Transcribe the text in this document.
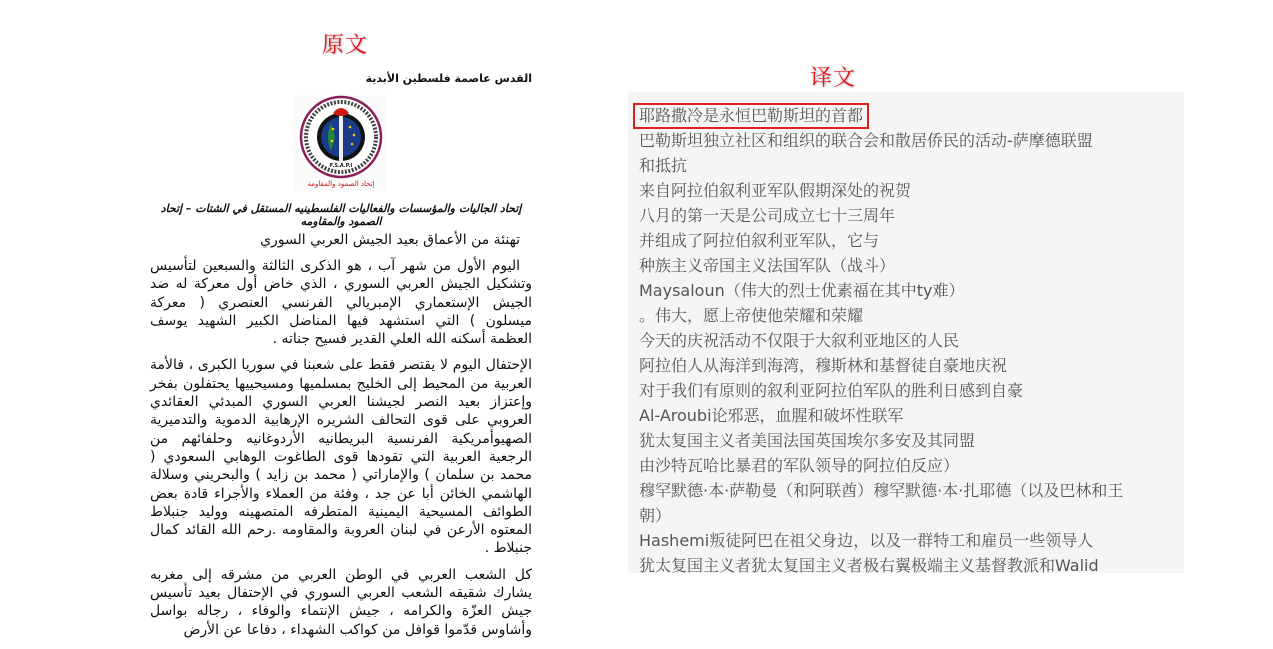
原文
译文

القدس عاصمة فلسطين الأبدية

F.S.A.P.I
إتحاد الصمود والمقاومة
إتحاد الجاليات والمؤسسات والفعاليات الفلسطينيه المستقل في الشتات – إتحاد الصمود والمقاومه
تهنئة من الأعماق بعيد الجيش العربي السوري
اليوم الأول من شهر آب ، هو الذكرى الثالثة والسبعين لتأسيس
وتشكيل الجيش العربي السوري ، الذي خاض أول معركة له ضد
الجيش الإستعماري الإمبريالي الفرنسي العنصري ( معركة
ميسلون ) التي استشهد فيها المناضل الكبير الشهيد يوسف
العظمة أسكنه الله العلي القدير فسيح جناته .
الإحتفال اليوم لا يقتصر فقط على شعبنا في سوريا الكبرى ، فالأمة
العربية من المحيط إلى الخليج بمسلميها ومسيحييها يحتفلون بفخر
وإعتزاز بعيد النصر لجيشنا العربي السوري المبدئي العقائدي
العروبي على قوى التحالف الشريره الإرهابية الدموية والتدميرية
الصهيوأمريكية الفرنسية البريطانيه الأردوغانيه وحلفائهم من
الرجعية العربية التي تقودها قوى الطاغوت الوهابي السعودي (
محمد بن سلمان ) والإماراتي ( محمد بن زايد ) والبحريني وسلالة
الهاشمي الخائن أبا عن جد ، وفئة من العملاء والأجراء قادة بعض
الطوائف المسيحية اليمينية المتطرفه المتصهينه ووليد جنبلاط
المعتوه الأرعن في لبنان العروبة والمقاومه .رحم الله القائد كمال
جنبلاط .
كل الشعب العربي في الوطن العربي من مشرقه إلى مغربه
يشارك شقيقه الشعب العربي السوري في الإحتفال بعيد تأسيس
جيش العزّة والكرامه ، جيش الإنتماء والوفاء ، رجاله بواسل
وأشاوس قدّموا قوافل من كواكب الشهداء ، دفاعا عن الأرض
耶路撒冷是永恒巴勒斯坦的首都
巴勒斯坦独立社区和组织的联合会和散居侨民的活动-萨摩德联盟
和抵抗
来自阿拉伯叙利亚军队假期深处的祝贺
八月的第一天是公司成立七十三周年
并组成了阿拉伯叙利亚军队，它与
种族主义帝国主义法国军队（战斗）
Maysaloun（伟大的烈士优素福在其中ty难）
。伟大，愿上帝使他荣耀和荣耀
今天的庆祝活动不仅限于大叙利亚地区的人民
阿拉伯人从海洋到海湾，穆斯林和基督徒自豪地庆祝
对于我们有原则的叙利亚阿拉伯军队的胜利日感到自豪
Al-Aroubi论邪恶，血腥和破坏性联军
犹太复国主义者美国法国英国埃尔多安及其同盟
由沙特瓦哈比暴君的军队领导的阿拉伯反应）
穆罕默德·本·萨勒曼（和阿联酋）穆罕默德·本·扎耶德（以及巴林和王
朝）
Hashemi叛徒阿巴在祖父身边，以及一群特工和雇员一些领导人
犹太复国主义者犹太复国主义者极右翼极端主义基督教派和Walid
